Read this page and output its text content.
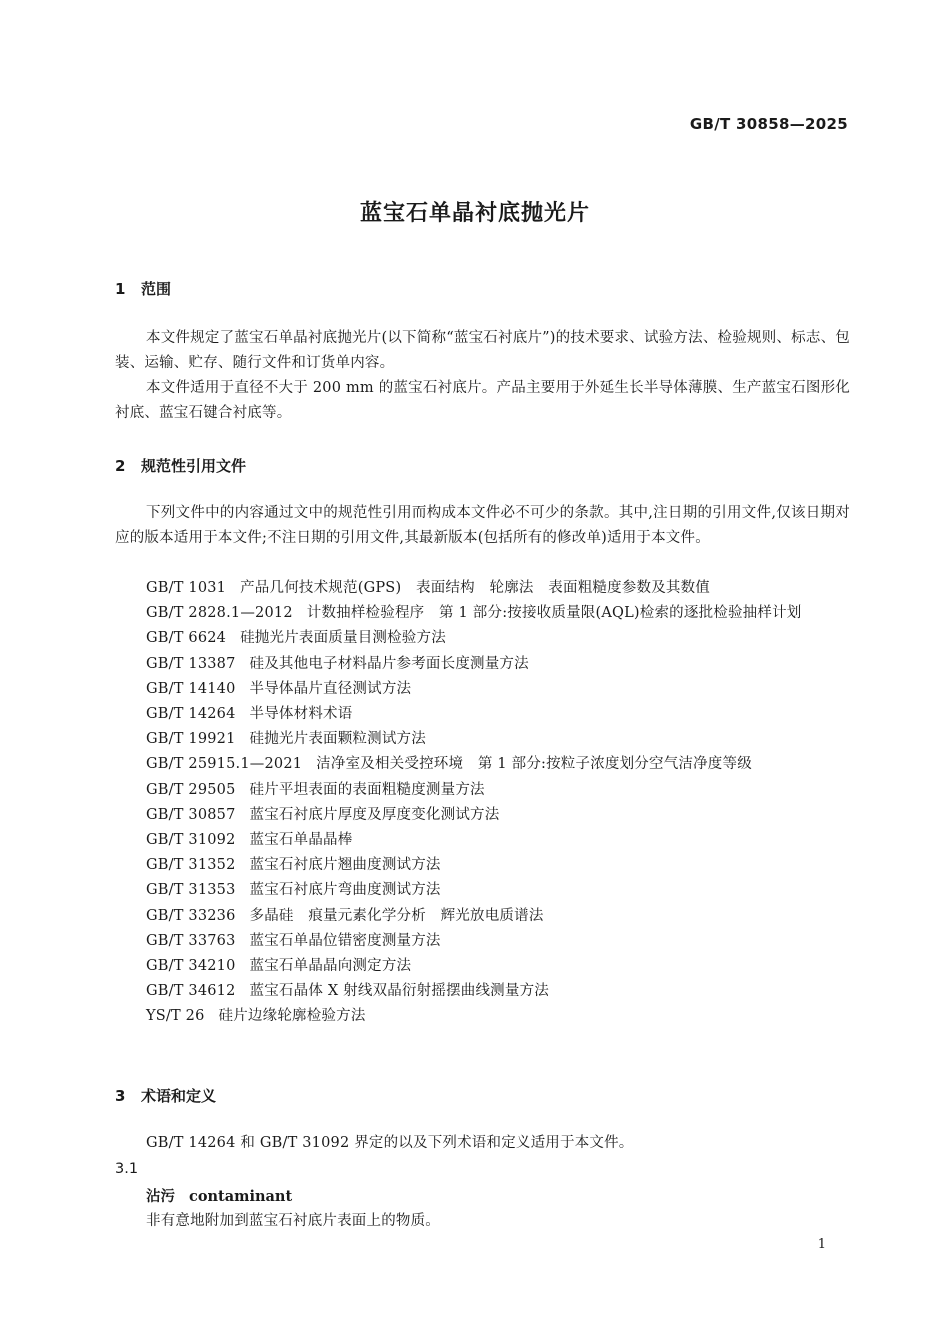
GB/T 30858—2025
蓝宝石单晶衬底抛光片
1 范围
本文件规定了蓝宝石单晶衬底抛光片(以下简称“蓝宝石衬底片”)的技术要求、试验方法、检验规则、标志、包装、运输、贮存、随行文件和订货单内容。
本文件适用于直径不大于 200 mm 的蓝宝石衬底片。产品主要用于外延生长半导体薄膜、生产蓝宝石图形化衬底、蓝宝石键合衬底等。
2 规范性引用文件
下列文件中的内容通过文中的规范性引用而构成本文件必不可少的条款。其中,注日期的引用文件,仅该日期对应的版本适用于本文件;不注日期的引用文件,其最新版本(包括所有的修改单)适用于本文件。
GB/T 1031 产品几何技术规范(GPS)　表面结构　轮廓法　表面粗糙度参数及其数值
GB/T 2828.1—2012 计数抽样检验程序　第 1 部分:按接收质量限(AQL)检索的逐批检验抽样计划
GB/T 6624 硅抛光片表面质量目测检验方法
GB/T 13387 硅及其他电子材料晶片参考面长度测量方法
GB/T 14140 半导体晶片直径测试方法
GB/T 14264 半导体材料术语
GB/T 19921 硅抛光片表面颗粒测试方法
GB/T 25915.1—2021 洁净室及相关受控环境　第 1 部分:按粒子浓度划分空气洁净度等级
GB/T 29505 硅片平坦表面的表面粗糙度测量方法
GB/T 30857 蓝宝石衬底片厚度及厚度变化测试方法
GB/T 31092 蓝宝石单晶晶棒
GB/T 31352 蓝宝石衬底片翘曲度测试方法
GB/T 31353 蓝宝石衬底片弯曲度测试方法
GB/T 33236 多晶硅　痕量元素化学分析　辉光放电质谱法
GB/T 33763 蓝宝石单晶位错密度测量方法
GB/T 34210 蓝宝石单晶晶向测定方法
GB/T 34612 蓝宝石晶体 X 射线双晶衍射摇摆曲线测量方法
YS/T 26 硅片边缘轮廓检验方法
3 术语和定义
GB/T 14264 和 GB/T 31092 界定的以及下列术语和定义适用于本文件。
3.1
沾污 contaminant
非有意地附加到蓝宝石衬底片表面上的物质。
1
